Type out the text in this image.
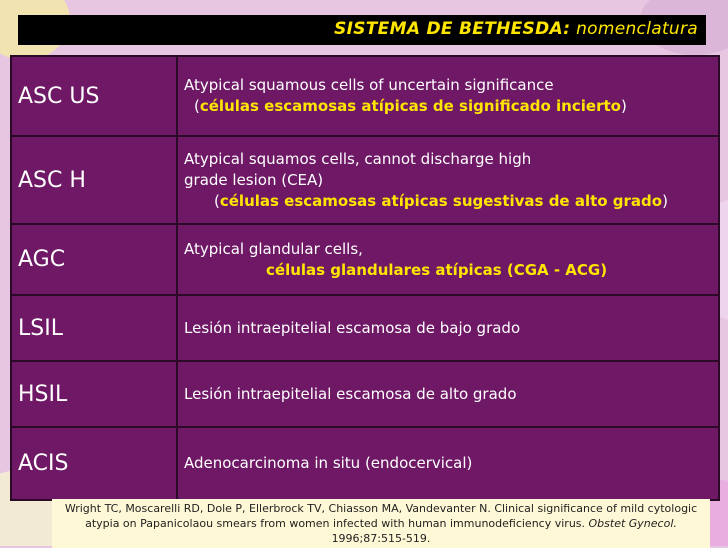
SISTEMA DE BETHESDA: nomenclatura
ASC US	Atypical squamous cells of uncertain significance
(células escamosas atípicas de significado incierto)
ASC H	Atypical squamos cells, cannot discharge high
grade lesion (CEA)
(células escamosas atípicas sugestivas de alto grado)
AGC	Atypical glandular cells,
células glandulares atípicas (CGA - ACG)
LSIL	Lesión intraepitelial escamosa de bajo grado
HSIL	Lesión intraepitelial escamosa de alto grado
ACIS	Adenocarcinoma in situ (endocervical)
Wright TC, Moscarelli RD, Dole P, Ellerbrock TV, Chiasson MA, Vandevanter N. Clinical significance of mild cytologic atypia on Papanicolaou smears from women infected with human immunodeficiency virus. Obstet Gynecol. 1996;87:515-519.
